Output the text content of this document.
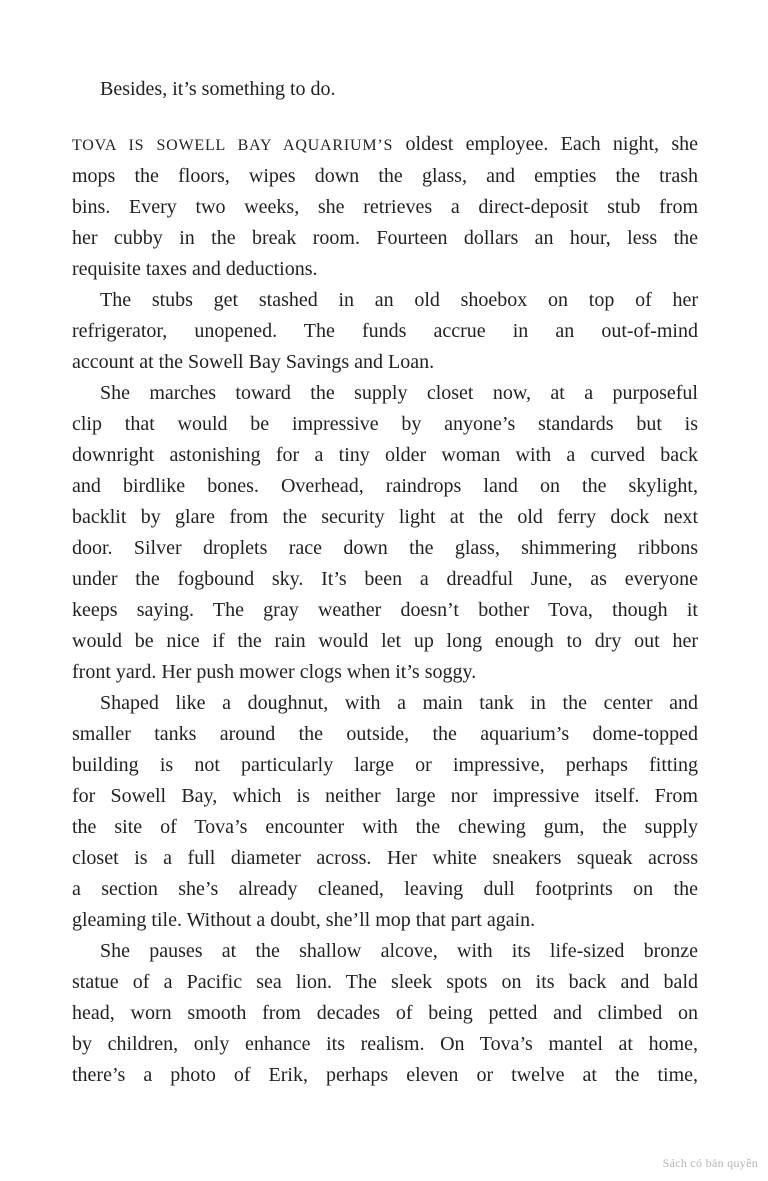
Besides, it’s something to do.
TOVA IS SOWELL BAY AQUARIUM’S oldest employee. Each night, she
mops the floors, wipes down the glass, and empties the trash
bins. Every two weeks, she retrieves a direct-deposit stub from
her cubby in the break room. Fourteen dollars an hour, less the
requisite taxes and deductions.
The stubs get stashed in an old shoebox on top of her
refrigerator, unopened. The funds accrue in an out-of-mind
account at the Sowell Bay Savings and Loan.
She marches toward the supply closet now, at a purposeful
clip that would be impressive by anyone’s standards but is
downright astonishing for a tiny older woman with a curved back
and birdlike bones. Overhead, raindrops land on the skylight,
backlit by glare from the security light at the old ferry dock next
door. Silver droplets race down the glass, shimmering ribbons
under the fogbound sky. It’s been a dreadful June, as everyone
keeps saying. The gray weather doesn’t bother Tova, though it
would be nice if the rain would let up long enough to dry out her
front yard. Her push mower clogs when it’s soggy.
Shaped like a doughnut, with a main tank in the center and
smaller tanks around the outside, the aquarium’s dome-topped
building is not particularly large or impressive, perhaps fitting
for Sowell Bay, which is neither large nor impressive itself. From
the site of Tova’s encounter with the chewing gum, the supply
closet is a full diameter across. Her white sneakers squeak across
a section she’s already cleaned, leaving dull footprints on the
gleaming tile. Without a doubt, she’ll mop that part again.
She pauses at the shallow alcove, with its life-sized bronze
statue of a Pacific sea lion. The sleek spots on its back and bald
head, worn smooth from decades of being petted and climbed on
by children, only enhance its realism. On Tova’s mantel at home,
there’s a photo of Erik, perhaps eleven or twelve at the time,
Sách có bản quyền
